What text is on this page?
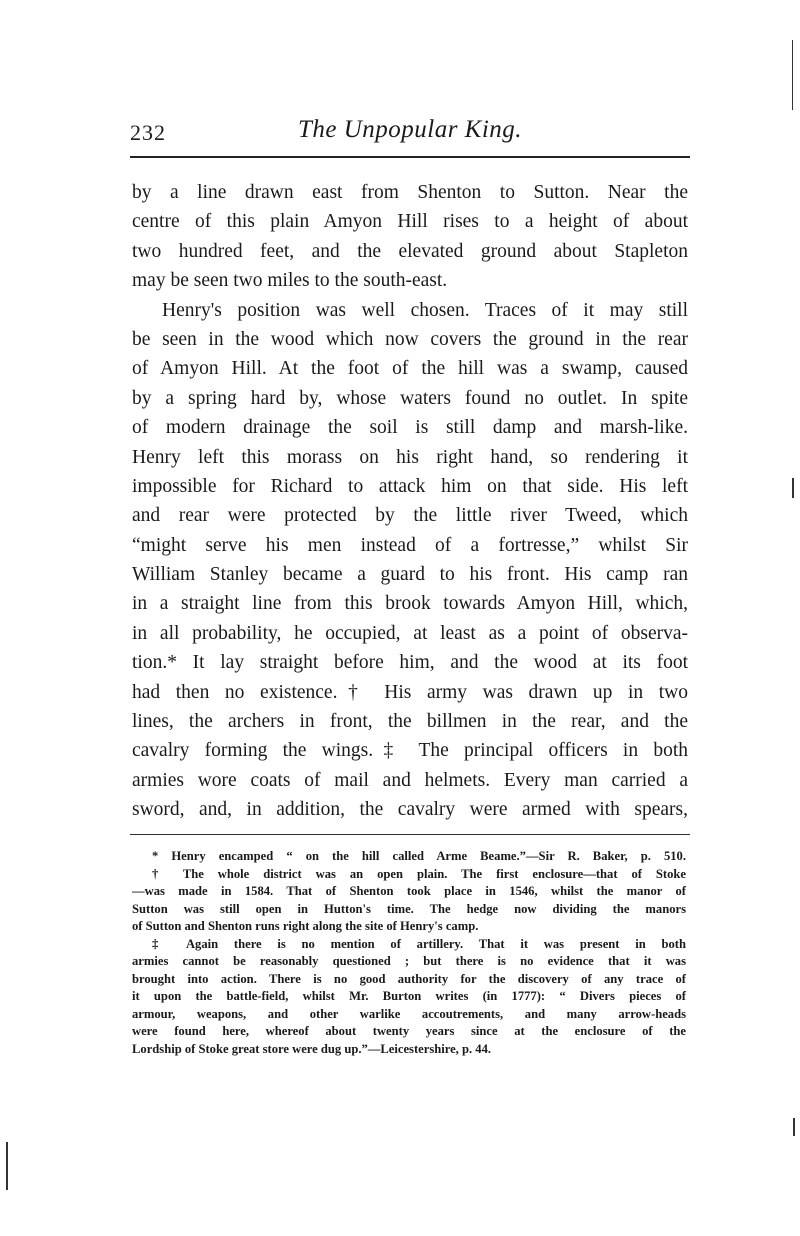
232	The Unpopular King.
by a line drawn east from Shenton to Sutton. Near the
centre of this plain Amyon Hill rises to a height of about
two hundred feet, and the elevated ground about Stapleton
may be seen two miles to the south-east.
Henry's position was well chosen. Traces of it may still
be seen in the wood which now covers the ground in the rear
of Amyon Hill. At the foot of the hill was a swamp, caused
by a spring hard by, whose waters found no outlet. In spite
of modern drainage the soil is still damp and marsh-like.
Henry left this morass on his right hand, so rendering it
impossible for Richard to attack him on that side. His left
and rear were protected by the little river Tweed, which
“might serve his men instead of a fortresse,” whilst Sir
William Stanley became a guard to his front. His camp ran
in a straight line from this brook towards Amyon Hill, which,
in all probability, he occupied, at least as a point of observa-
tion.* It lay straight before him, and the wood at its foot
had then no existence.† His army was drawn up in two
lines, the archers in front, the billmen in the rear, and the
cavalry forming the wings.‡ The principal officers in both
armies wore coats of mail and helmets. Every man carried a
sword, and, in addition, the cavalry were armed with spears,
* Henry encamped “ on the hill called Arme Beame.”—Sir R. Baker, p. 510.
† The whole district was an open plain. The first enclosure—that of Stoke
—was made in 1584. That of Shenton took place in 1546, whilst the manor of
Sutton was still open in Hutton's time. The hedge now dividing the manors
of Sutton and Shenton runs right along the site of Henry's camp.
‡ Again there is no mention of artillery. That it was present in both
armies cannot be reasonably questioned ; but there is no evidence that it was
brought into action. There is no good authority for the discovery of any trace of
it upon the battle-field, whilst Mr. Burton writes (in 1777): “ Divers pieces of
armour, weapons, and other warlike accoutrements, and many arrow-heads
were found here, whereof about twenty years since at the enclosure of the
Lordship of Stoke great store were dug up.”—Leicestershire, p. 44.
